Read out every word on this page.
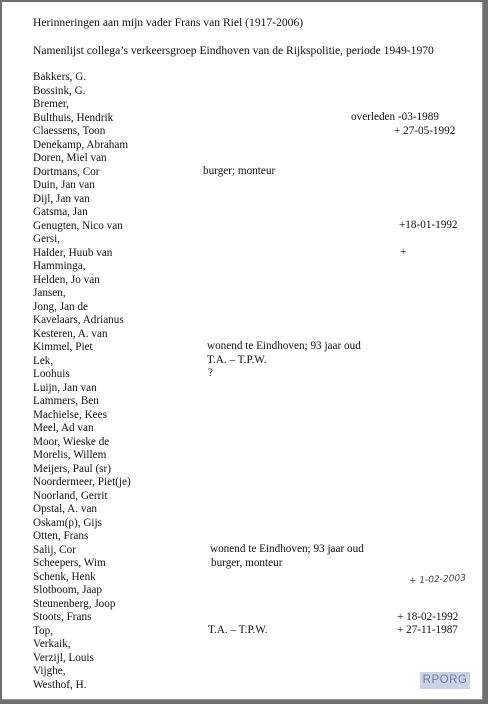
Herinneringen aan mijn vader Frans van Riel (1917-2006)
Namenlijst collega’s verkeersgroep Eindhoven van de Rijkspolitie, periode 1949-1970
Bakkers, G.
Bossink, G.
Bremer,
Bulthuis, Hendrik
Claessens, Toon
Denekamp, Abraham
Doren, Miel van
Dortmans, Cor
Duin, Jan van
Dijl, Jan van
Gatsma, Jan
Genugten, Nico van
Gersi,
Halder, Huub van
Hamminga,
Helden, Jo van
Jansen,
Jong, Jan de
Kavelaars, Adrianus
Kesteren, A. van
Kimmel, Piet
Lek,
Loohuis
Luijn, Jan van
Lammers, Ben
Machielse, Kees
Meel, Ad van
Moor, Wieske de
Morelis, Willem
Meijers, Paul (sr)
Noordermeer, Piet(je)
Noorland, Gerrit
Opstal, A. van
Oskam(p), Gijs
Otten, Frans
Salij, Cor
Scheepers, Wim
Schenk, Henk
Slotboom, Jaap
Steunenberg, Joop
Stoots, Frans
Top,
Verkaik,
Verzijl, Louis
Vijghe,
Westhof, H.
overleden -03-1989
+ 27-05-1992
burger; monteur
+18-01-1992
+
wonend te Eindhoven; 93 jaar oud
T.A. – T.P.W.
?
wonend te Eindhoven; 93 jaar oud
burger, monteur
+ 1-02-2003
+ 18-02-1992
T.A. – T.P.W.	+ 27-11-1987
RPORG
